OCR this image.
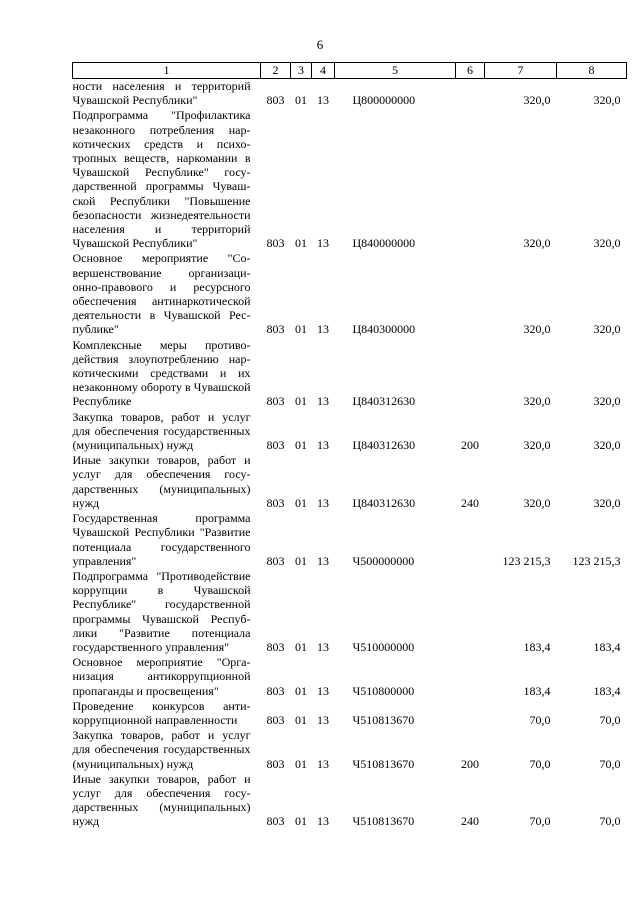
6
1	2	3	4	5	6	7	8
ности населения и территорий Чувашской Республики"	803	01	13	Ц800000000		320,0	320,0
Подпрограмма "Профилактика незаконного потребления наркотических средств и психотропных веществ, наркомании в Чувашской Республике" государственной программы Чувашской Республики "Повышение безопасности жизнедеятельности населения и территорий Чувашской Республики"	803	01	13	Ц840000000		320,0	320,0
Основное мероприятие "Совершенствование организационно-правового и ресурсного обеспечения антинаркотической деятельности в Чувашской Республике"	803	01	13	Ц840300000		320,0	320,0
Комплексные меры противодействия злоупотреблению наркотическими средствами и их незаконному обороту в Чувашской Республике	803	01	13	Ц840312630		320,0	320,0
Закупка товаров, работ и услуг для обеспечения государственных (муниципальных) нужд	803	01	13	Ц840312630	200	320,0	320,0
Иные закупки товаров, работ и услуг для обеспечения государственных (муниципальных) нужд	803	01	13	Ц840312630	240	320,0	320,0
Государственная программа Чувашской Республики "Развитие потенциала государственного управления"	803	01	13	Ч500000000		123 215,3	123 215,3
Подпрограмма "Противодействие коррупции в Чувашской Республике" государственной программы Чувашской Республики "Развитие потенциала государственного управления"	803	01	13	Ч510000000		183,4	183,4
Основное мероприятие "Организация антикоррупционной пропаганды и просвещения"	803	01	13	Ч510800000		183,4	183,4
Проведение конкурсов антикоррупционной направленности	803	01	13	Ч510813670		70,0	70,0
Закупка товаров, работ и услуг для обеспечения государственных (муниципальных) нужд	803	01	13	Ч510813670	200	70,0	70,0
Иные закупки товаров, работ и услуг для обеспечения государственных (муниципальных) нужд	803	01	13	Ч510813670	240	70,0	70,0
